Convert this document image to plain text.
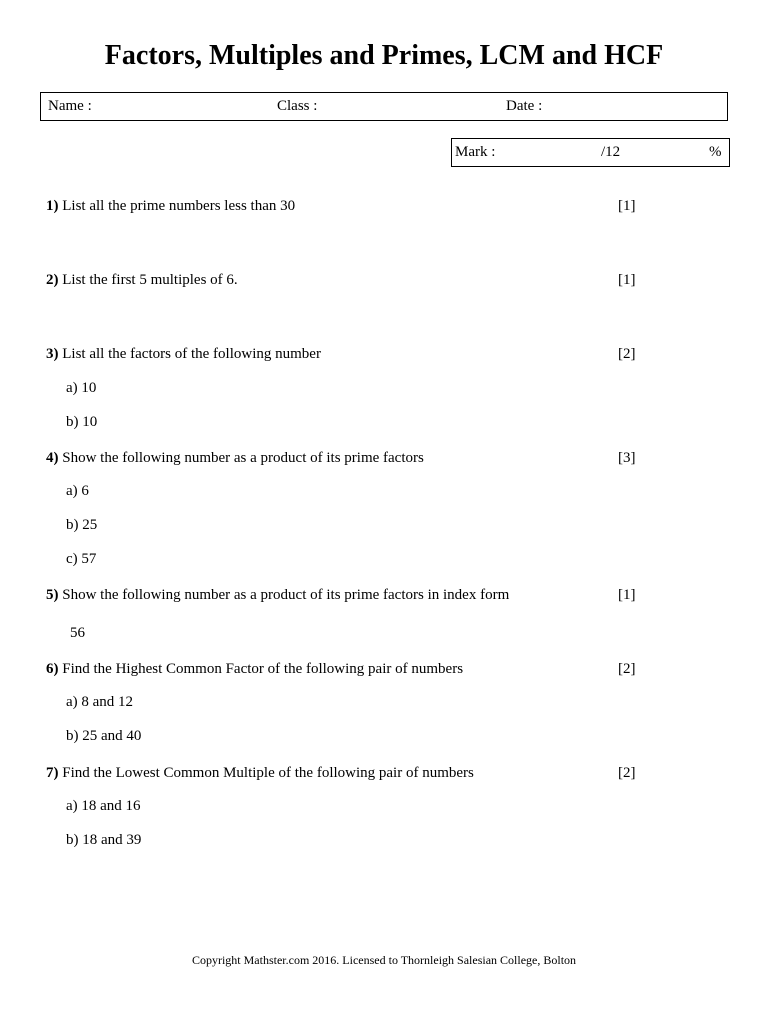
Factors, Multiples and Primes, LCM and HCF
Name :	Class :	Date :
Mark :	/12	%
1) List all the prime numbers less than 30	[1]
2) List the first 5 multiples of 6.	[1]
3) List all the factors of the following number	[2]
a) 10
b) 10
4) Show the following number as a product of its prime factors	[3]
a) 6
b) 25
c) 57
5) Show the following number as a product of its prime factors in index form	[1]
56
6) Find the Highest Common Factor of the following pair of numbers	[2]
a) 8 and 12
b) 25 and 40
7) Find the Lowest Common Multiple of the following pair of numbers	[2]
a) 18 and 16
b) 18 and 39
Copyright Mathster.com 2016. Licensed to Thornleigh Salesian College, Bolton
